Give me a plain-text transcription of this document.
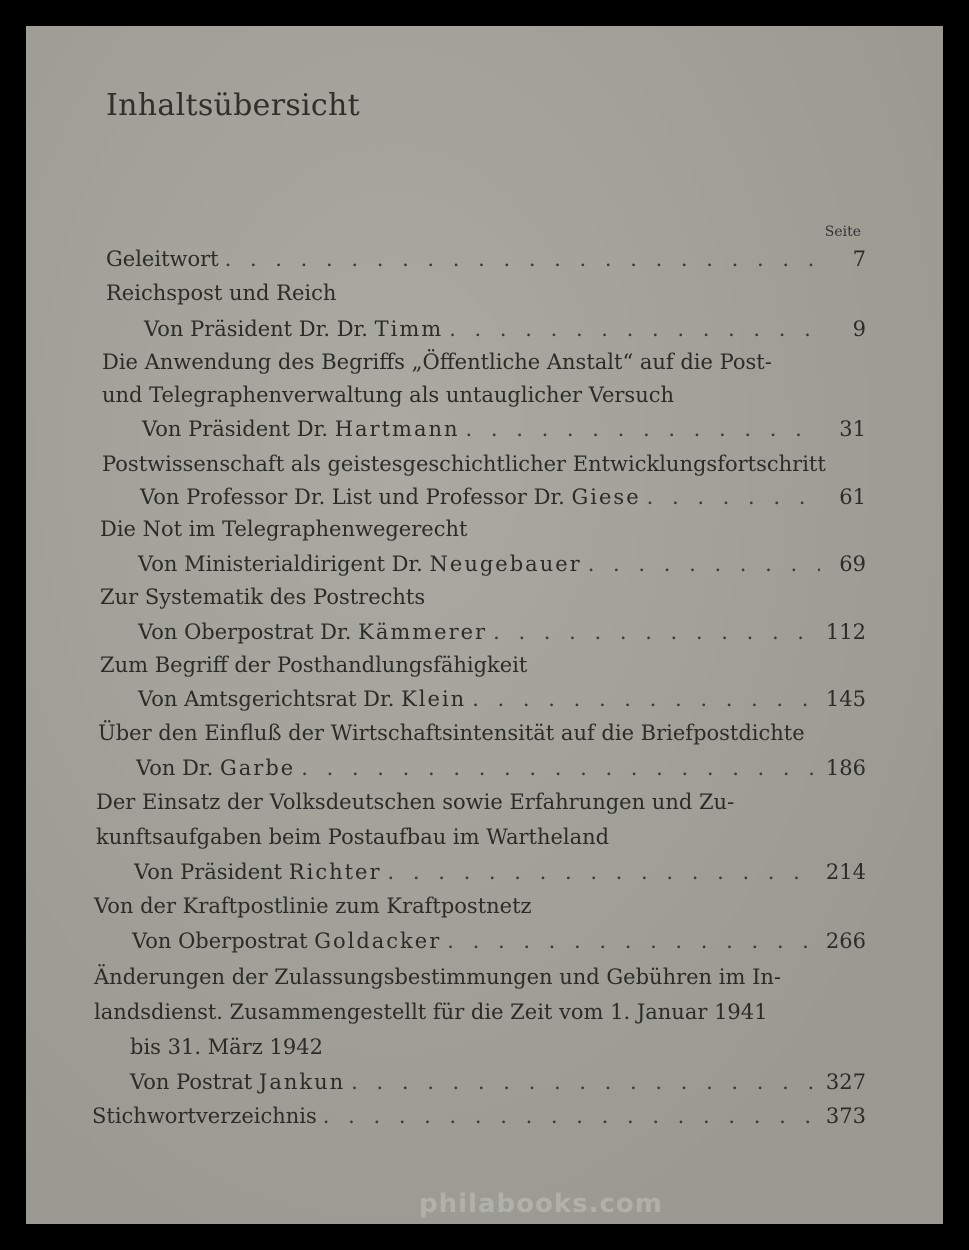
Inhaltsübersicht
Seite
Geleitwort . . .	7
Reichspost und Reich
Von Präsident Dr. Dr. Timm . . .	9
Die Anwendung des Begriffs „Öffentliche Anstalt“ auf die Post-
und Telegraphenverwaltung als untauglicher Versuch
Von Präsident Dr. Hartmann . . .	31
Postwissenschaft als geistesgeschichtlicher Entwicklungsfortschritt
Von Professor Dr. List und Professor Dr. Giese . . .	61
Die Not im Telegraphenwegerecht
Von Ministerialdirigent Dr. Neugebauer . . .	69
Zur Systematik des Postrechts
Von Oberpostrat Dr. Kämmerer . . .	112
Zum Begriff der Posthandlungsfähigkeit
Von Amtsgerichtsrat Dr. Klein . . .	145
Über den Einfluß der Wirtschaftsintensität auf die Briefpostdichte
Von Dr. Garbe . . .	186
Der Einsatz der Volksdeutschen sowie Erfahrungen und Zu-
kunftsaufgaben beim Postaufbau im Wartheland
Von Präsident Richter . . .	214
Von der Kraftpostlinie zum Kraftpostnetz
Von Oberpostrat Goldacker . . .	266
Änderungen der Zulassungsbestimmungen und Gebühren im In-
landsdienst. Zusammengestellt für die Zeit vom 1. Januar 1941
bis 31. März 1942
Von Postrat Jankun . . .	327
Stichwortverzeichnis . . .	373
philabooks.com
